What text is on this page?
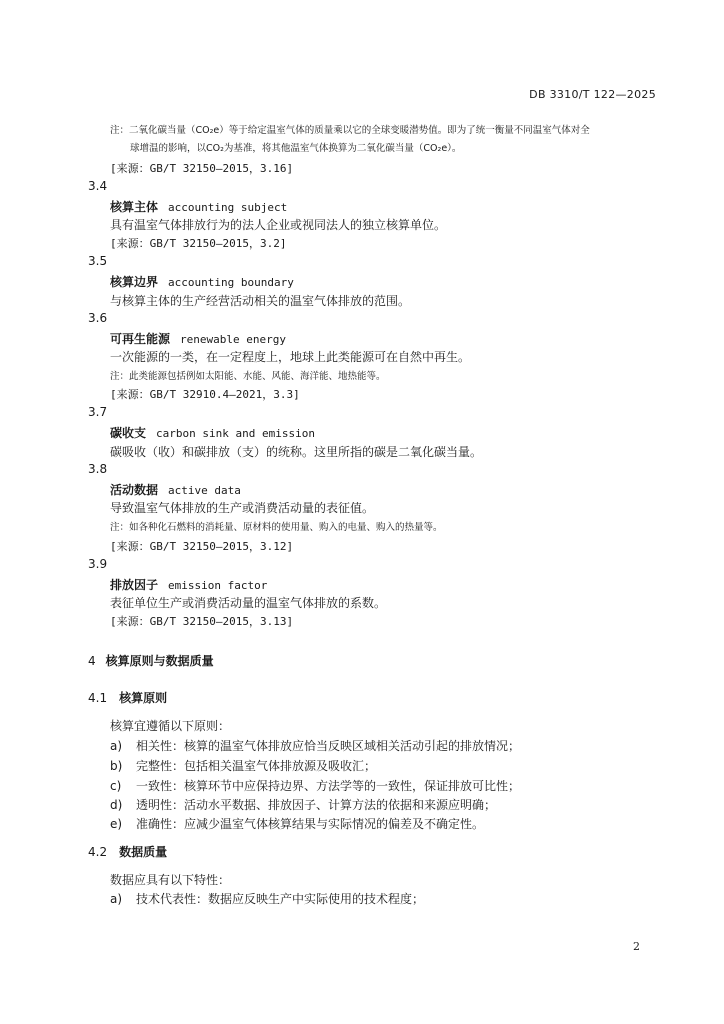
DB 3310/T 122—2025
注：二氧化碳当量（CO₂e）等于给定温室气体的质量乘以它的全球变暖潜势值。即为了统一衡量不同温室气体对全
球增温的影响，以CO₂为基准，将其他温室气体换算为二氧化碳当量（CO₂e）。
[来源：GB/T 32150—2015，3.16]
3.4
核算主体 accounting subject
具有温室气体排放行为的法人企业或视同法人的独立核算单位。
[来源：GB/T 32150—2015，3.2]
3.5
核算边界 accounting boundary
与核算主体的生产经营活动相关的温室气体排放的范围。
3.6
可再生能源 renewable energy
一次能源的一类，在一定程度上，地球上此类能源可在自然中再生。
注：此类能源包括例如太阳能、水能、风能、海洋能、地热能等。
[来源：GB/T 32910.4—2021，3.3]
3.7
碳收支 carbon sink and emission
碳吸收（收）和碳排放（支）的统称。这里所指的碳是二氧化碳当量。
3.8
活动数据 active data
导致温室气体排放的生产或消费活动量的表征值。
注：如各种化石燃料的消耗量、原材料的使用量、购入的电量、购入的热量等。
[来源：GB/T 32150—2015，3.12]
3.9
排放因子 emission factor
表征单位生产或消费活动量的温室气体排放的系数。
[来源：GB/T 32150—2015，3.13]
4 核算原则与数据质量
4.1 核算原则
核算宜遵循以下原则：
a) 相关性：核算的温室气体排放应恰当反映区域相关活动引起的排放情况；
b) 完整性：包括相关温室气体排放源及吸收汇；
c) 一致性：核算环节中应保持边界、方法学等的一致性，保证排放可比性；
d) 透明性：活动水平数据、排放因子、计算方法的依据和来源应明确；
e) 准确性：应减少温室气体核算结果与实际情况的偏差及不确定性。
4.2 数据质量
数据应具有以下特性：
a) 技术代表性：数据应反映生产中实际使用的技术程度；
2
